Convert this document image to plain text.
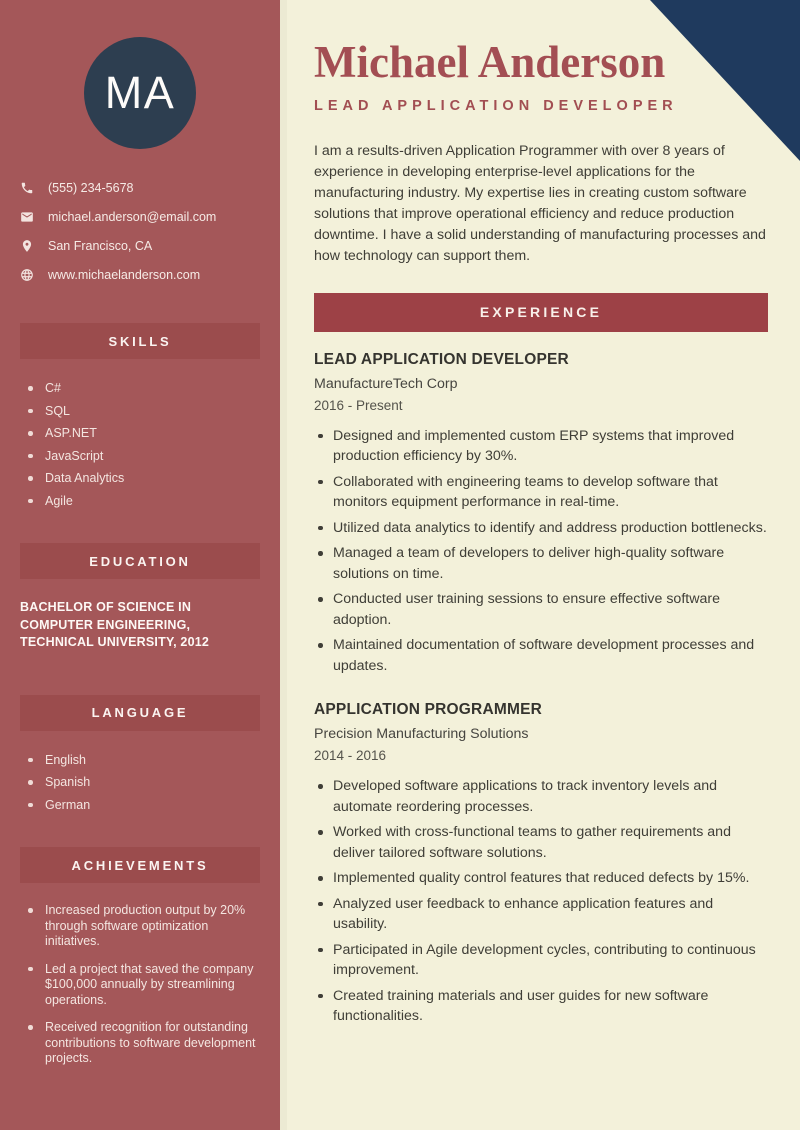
MA
(555) 234-5678
michael.anderson@email.com
San Francisco, CA
www.michaelanderson.com
SKILLS
C#
SQL
ASP.NET
JavaScript
Data Analytics
Agile
EDUCATION

BACHELOR OF SCIENCE IN COMPUTER ENGINEERING, TECHNICAL UNIVERSITY, 2012

LANGUAGE
English
Spanish
German
ACHIEVEMENTS
Increased production output by 20% through software optimization initiatives.
Led a project that saved the company $100,000 annually by streamlining operations.
Received recognition for outstanding contributions to software development projects.
Michael Anderson
LEAD APPLICATION DEVELOPER

I am a results-driven Application Programmer with over 8 years of experience in developing enterprise-level applications for the manufacturing industry. My expertise lies in creating custom software solutions that improve operational efficiency and reduce production downtime. I have a solid understanding of manufacturing processes and how technology can support them.

EXPERIENCE
LEAD APPLICATION DEVELOPER
ManufactureTech Corp
2016 - Present
Designed and implemented custom ERP systems that improved production efficiency by 30%.
Collaborated with engineering teams to develop software that monitors equipment performance in real-time.
Utilized data analytics to identify and address production bottlenecks.
Managed a team of developers to deliver high-quality software solutions on time.
Conducted user training sessions to ensure effective software adoption.
Maintained documentation of software development processes and updates.
APPLICATION PROGRAMMER
Precision Manufacturing Solutions
2014 - 2016
Developed software applications to track inventory levels and automate reordering processes.
Worked with cross-functional teams to gather requirements and deliver tailored software solutions.
Implemented quality control features that reduced defects by 15%.
Analyzed user feedback to enhance application features and usability.
Participated in Agile development cycles, contributing to continuous improvement.
Created training materials and user guides for new software functionalities.
